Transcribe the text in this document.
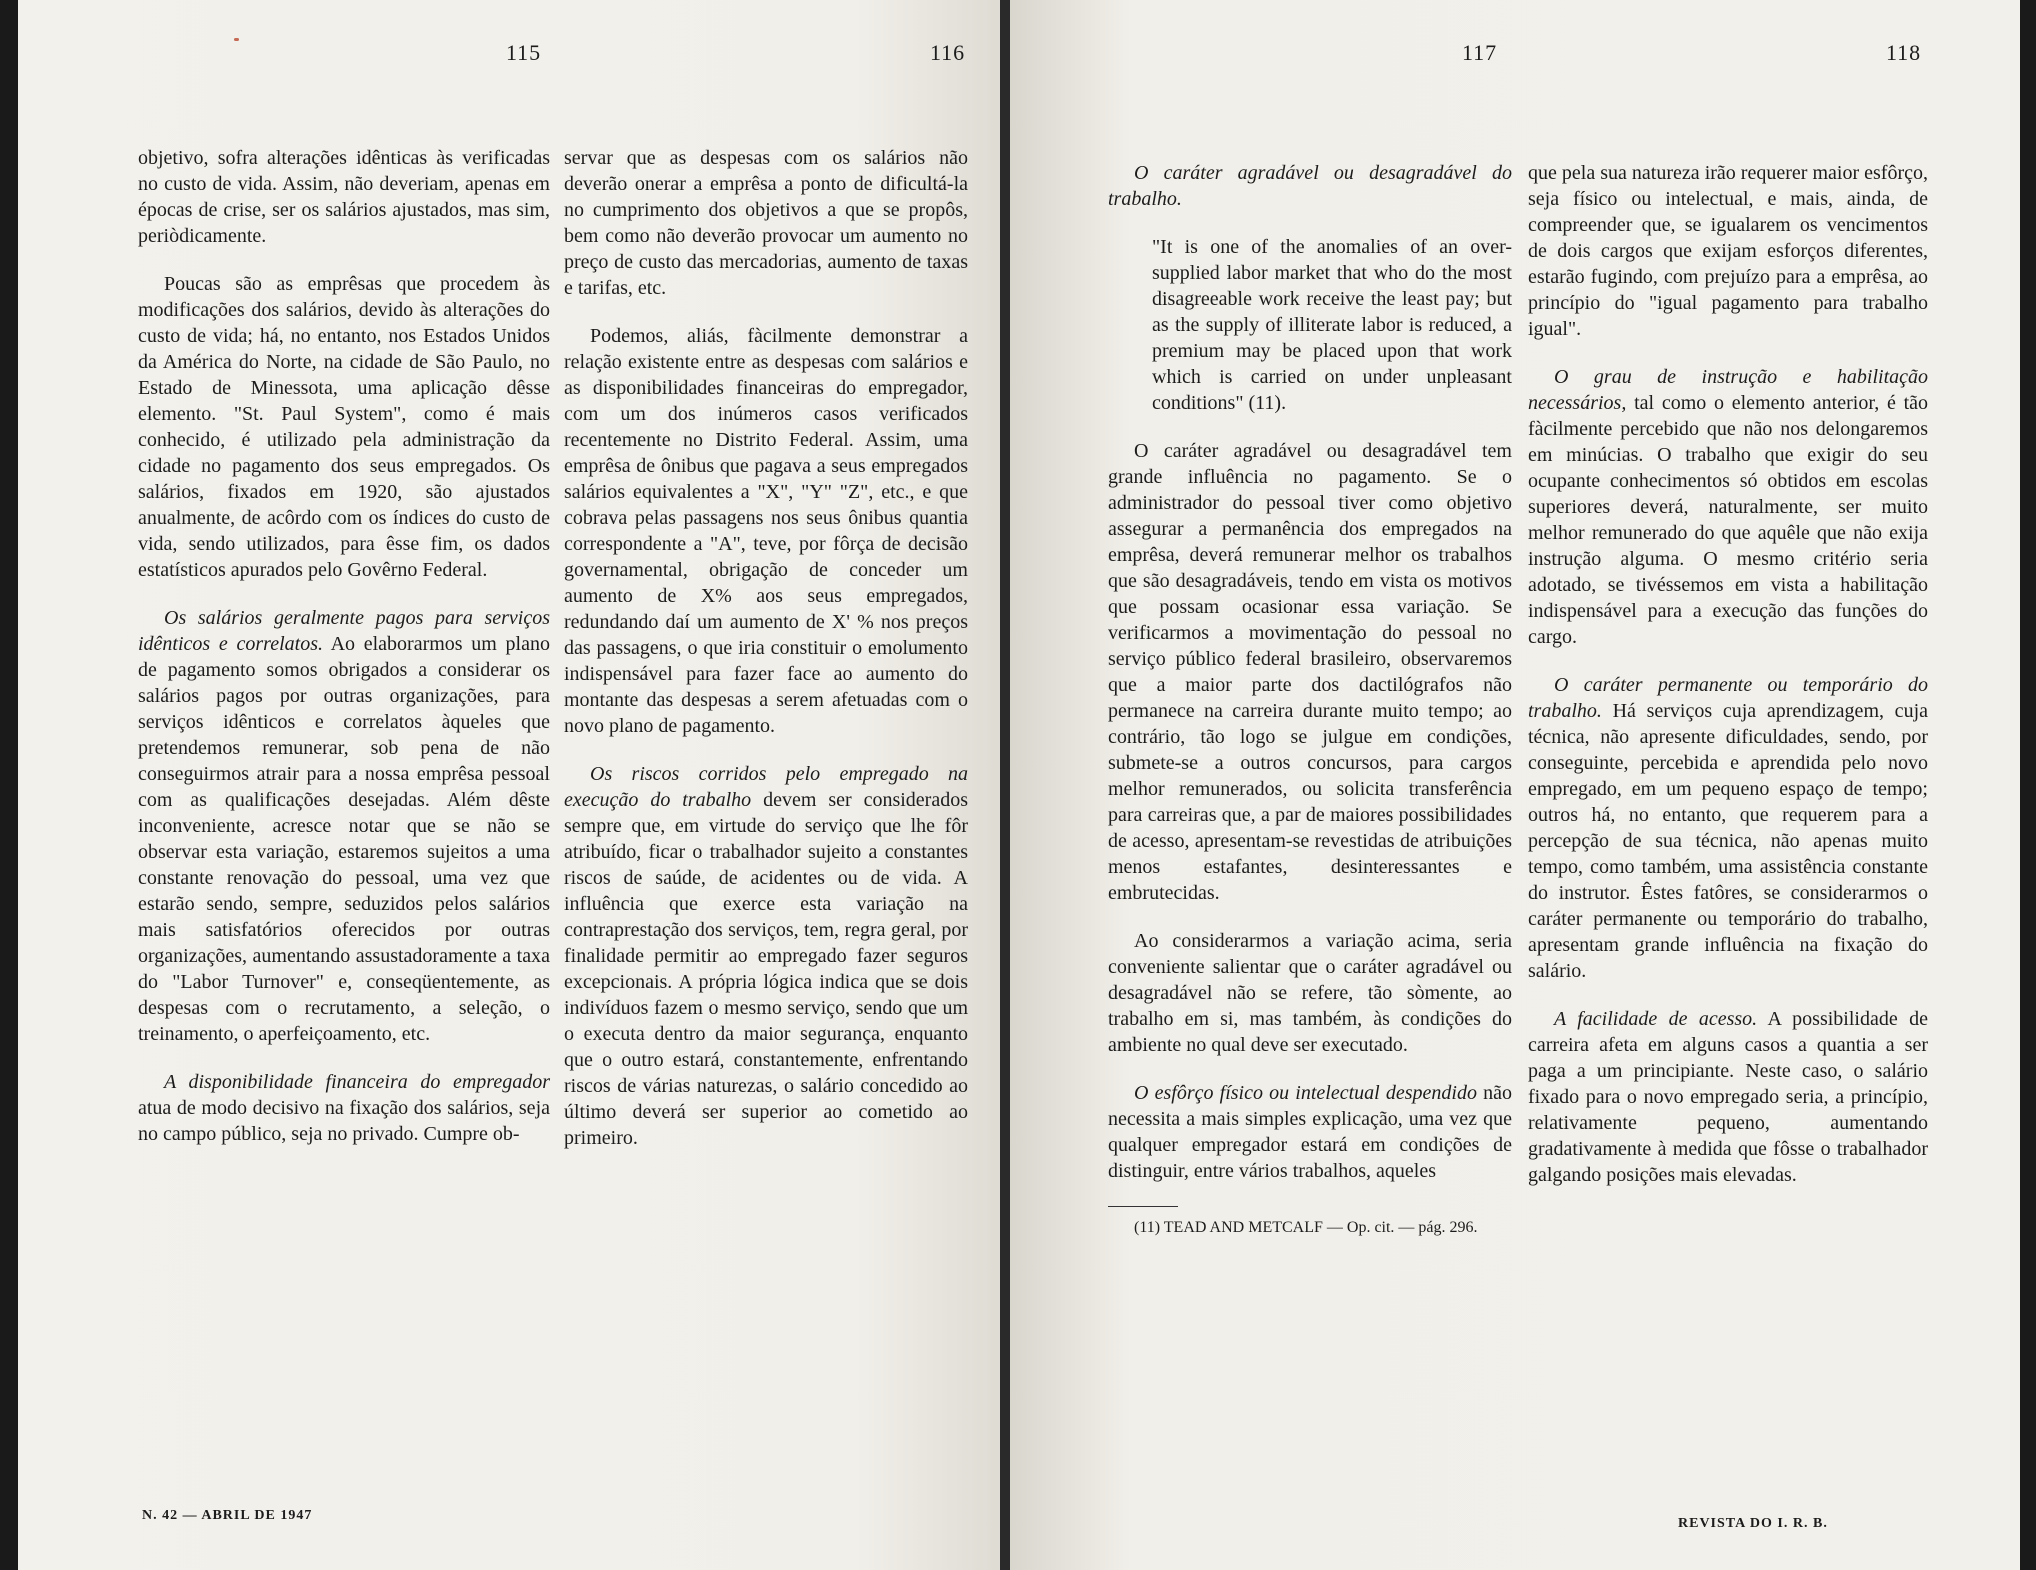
115	116

objetivo, sofra alterações idênticas às verificadas no custo de vida. Assim, não deveriam, apenas em épocas de crise, ser os salários ajustados, mas sim, periòdicamente.

Poucas são as emprêsas que procedem às modificações dos salários, devido às alterações do custo de vida; há, no entanto, nos Estados Unidos da América do Norte, na cidade de São Paulo, no Estado de Minessota, uma aplicação dêsse elemento. "St. Paul System", como é mais conhecido, é utilizado pela administração da cidade no pagamento dos seus empregados. Os salários, fixados em 1920, são ajustados anualmente, de acôrdo com os índices do custo de vida, sendo utilizados, para êsse fim, os dados estatísticos apurados pelo Govêrno Federal.

Os salários geralmente pagos para serviços idênticos e correlatos. Ao elaborarmos um plano de pagamento somos obrigados a considerar os salários pagos por outras organizações, para serviços idênticos e correlatos àqueles que pretendemos remunerar, sob pena de não conseguirmos atrair para a nossa emprêsa pessoal com as qualificações desejadas. Além dêste inconveniente, acresce notar que se não se observar esta variação, estaremos sujeitos a uma constante renovação do pessoal, uma vez que estarão sendo, sempre, seduzidos pelos salários mais satisfatórios oferecidos por outras organizações, aumentando assustadoramente a taxa do "Labor Turnover" e, conseqüentemente, as despesas com o recrutamento, a seleção, o treinamento, o aperfeiçoamento, etc.

A disponibilidade financeira do empregador atua de modo decisivo na fixação dos salários, seja no campo público, seja no privado. Cumpre ob-

servar que as despesas com os salários não deverão onerar a emprêsa a ponto de dificultá-la no cumprimento dos objetivos a que se propôs, bem como não deverão provocar um aumento no preço de custo das mercadorias, aumento de taxas e tarifas, etc.

Podemos, aliás, fàcilmente demonstrar a relação existente entre as despesas com salários e as disponibilidades financeiras do empregador, com um dos inúmeros casos verificados recentemente no Distrito Federal. Assim, uma emprêsa de ônibus que pagava a seus empregados salários equivalentes a "X", "Y" "Z", etc., e que cobrava pelas passagens nos seus ônibus quantia correspondente a "A", teve, por fôrça de decisão governamental, obrigação de conceder um aumento de X% aos seus empregados, redundando daí um aumento de X' % nos preços das passagens, o que iria constituir o emolumento indispensável para fazer face ao aumento do montante das despesas a serem afetuadas com o novo plano de pagamento.

Os riscos corridos pelo empregado na execução do trabalho devem ser considerados sempre que, em virtude do serviço que lhe fôr atribuído, ficar o trabalhador sujeito a constantes riscos de saúde, de acidentes ou de vida. A influência que exerce esta variação na contraprestação dos serviços, tem, regra geral, por finalidade permitir ao empregado fazer seguros excepcionais. A própria lógica indica que se dois indivíduos fazem o mesmo serviço, sendo que um o executa dentro da maior segurança, enquanto que o outro estará, constantemente, enfrentando riscos de várias naturezas, o salário concedido ao último deverá ser superior ao cometido ao primeiro.

N. 42 — ABRIL DE 1947
117	118

O caráter agradável ou desagradável do trabalho.

"It is one of the anomalies of an over-supplied labor market that who do the most disagreeable work receive the least pay; but as the supply of illiterate labor is reduced, a premium may be placed upon that work which is carried on under unpleasant conditions" (11).

O caráter agradável ou desagradável tem grande influência no pagamento. Se o administrador do pessoal tiver como objetivo assegurar a permanência dos empregados na emprêsa, deverá remunerar melhor os trabalhos que são desagradáveis, tendo em vista os motivos que possam ocasionar essa variação. Se verificarmos a movimentação do pessoal no serviço público federal brasileiro, observaremos que a maior parte dos dactilógrafos não permanece na carreira durante muito tempo; ao contrário, tão logo se julgue em condições, submete-se a outros concursos, para cargos melhor remunerados, ou solicita transferência para carreiras que, a par de maiores possibilidades de acesso, apresentam-se revestidas de atribuições menos estafantes, desinteressantes e embrutecidas.

Ao considerarmos a variação acima, seria conveniente salientar que o caráter agradável ou desagradável não se refere, tão sòmente, ao trabalho em si, mas também, às condições do ambiente no qual deve ser executado.

O esfôrço físico ou intelectual despendido não necessita a mais simples explicação, uma vez que qualquer empregador estará em condições de distinguir, entre vários trabalhos, aqueles

(11) TEAD AND METCALF — Op. cit. — pág. 296.

que pela sua natureza irão requerer maior esfôrço, seja físico ou intelectual, e mais, ainda, de compreender que, se igualarem os vencimentos de dois cargos que exijam esforços diferentes, estarão fugindo, com prejuízo para a emprêsa, ao princípio do "igual pagamento para trabalho igual".

O grau de instrução e habilitação necessários, tal como o elemento anterior, é tão fàcilmente percebido que não nos delongaremos em minúcias. O trabalho que exigir do seu ocupante conhecimentos só obtidos em escolas superiores deverá, naturalmente, ser muito melhor remunerado do que aquêle que não exija instrução alguma. O mesmo critério seria adotado, se tivéssemos em vista a habilitação indispensável para a execução das funções do cargo.

O caráter permanente ou temporário do trabalho. Há serviços cuja aprendizagem, cuja técnica, não apresente dificuldades, sendo, por conseguinte, percebida e aprendida pelo novo empregado, em um pequeno espaço de tempo; outros há, no entanto, que requerem para a percepção de sua técnica, não apenas muito tempo, como também, uma assistência constante do instrutor. Êstes fatôres, se considerarmos o caráter permanente ou temporário do trabalho, apresentam grande influência na fixação do salário.

A facilidade de acesso. A possibilidade de carreira afeta em alguns casos a quantia a ser paga a um principiante. Neste caso, o salário fixado para o novo empregado seria, a princípio, relativamente pequeno, aumentando gradativamente à medida que fôsse o trabalhador galgando posições mais elevadas.

REVISTA DO I. R. B.
